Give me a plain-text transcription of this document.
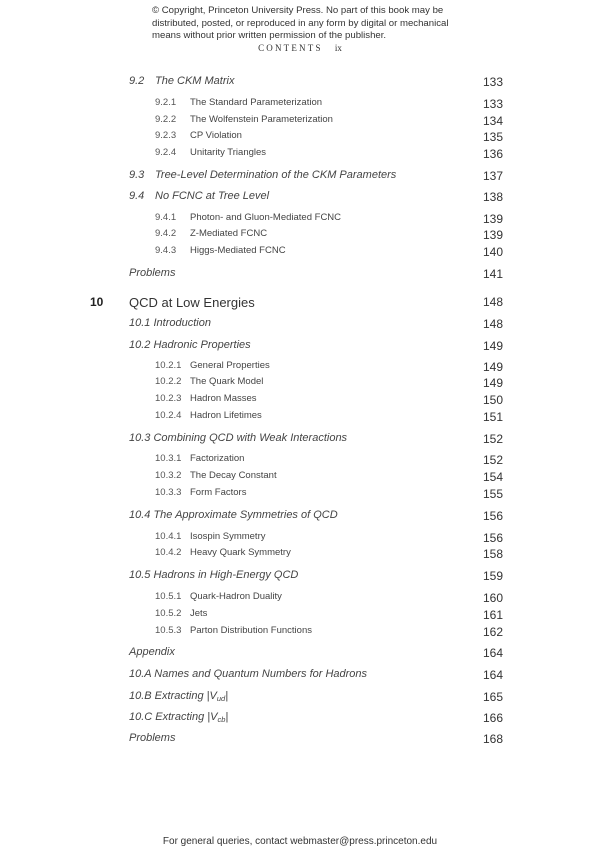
© Copyright, Princeton University Press. No part of this book may be distributed, posted, or reproduced in any form by digital or mechanical means without prior written permission of the publisher.
CONTENTS ix
9.2 The CKM Matrix	133
9.2.1 The Standard Parameterization	133
9.2.2 The Wolfenstein Parameterization	134
9.2.3 CP Violation	135
9.2.4 Unitarity Triangles	136
9.3 Tree-Level Determination of the CKM Parameters	137
9.4 No FCNC at Tree Level	138
9.4.1 Photon- and Gluon-Mediated FCNC	139
9.4.2 Z-Mediated FCNC	139
9.4.3 Higgs-Mediated FCNC	140
Problems	141
10 QCD at Low Energies	148
10.1 Introduction	148
10.2 Hadronic Properties	149
10.2.1 General Properties	149
10.2.2 The Quark Model	149
10.2.3 Hadron Masses	150
10.2.4 Hadron Lifetimes	151
10.3 Combining QCD with Weak Interactions	152
10.3.1 Factorization	152
10.3.2 The Decay Constant	154
10.3.3 Form Factors	155
10.4 The Approximate Symmetries of QCD	156
10.4.1 Isospin Symmetry	156
10.4.2 Heavy Quark Symmetry	158
10.5 Hadrons in High-Energy QCD	159
10.5.1 Quark-Hadron Duality	160
10.5.2 Jets	161
10.5.3 Parton Distribution Functions	162
Appendix	164
10.A Names and Quantum Numbers for Hadrons	164
10.B Extracting $|V_{ud}|$	165
10.C Extracting $|V_{cb}|$	166
Problems	168
For general queries, contact webmaster@press.princeton.edu
